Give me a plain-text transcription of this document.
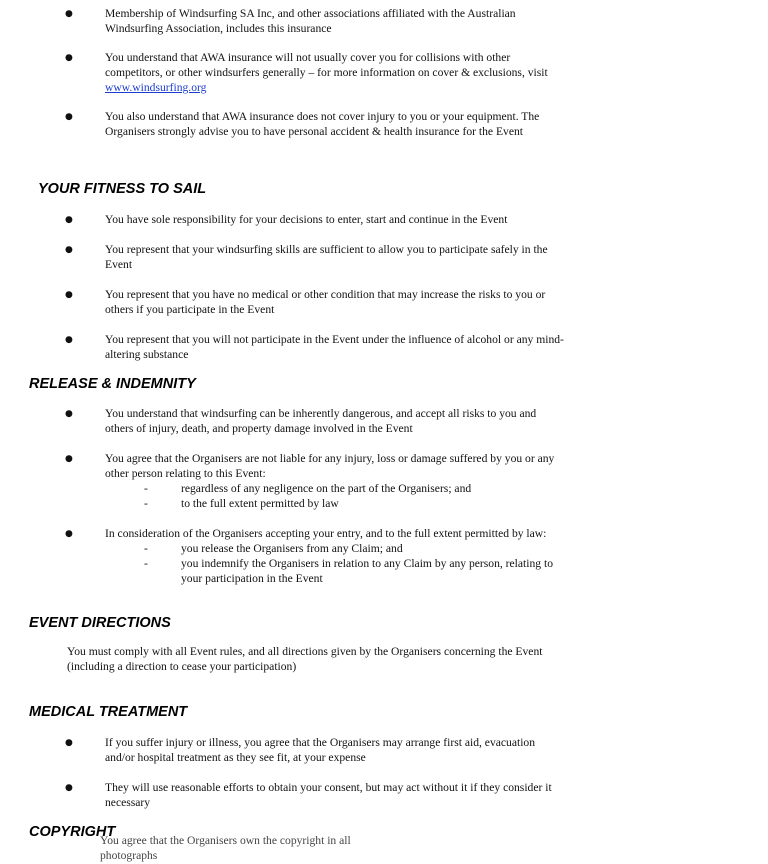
●	Membership of Windsurfing SA Inc, and other associations affiliated with the Australian Windsurfing Association, includes this insurance
●	You understand that AWA insurance will not usually cover you for collisions with other competitors, or other windsurfers generally – for more information on cover & exclusions, visit www.windsurfing.org
●	You also understand that AWA insurance does not cover injury to you or your equipment. The Organisers strongly advise you to have personal accident & health insurance for the Event
YOUR FITNESS TO SAIL
●	You have sole responsibility for your decisions to enter, start and continue in the Event
●	You represent that your windsurfing skills are sufficient to allow you to participate safely in the Event
●	You represent that you have no medical or other condition that may increase the risks to you or others if you participate in the Event
●	You represent that you will not participate in the Event under the influence of alcohol or any mind-altering substance
RELEASE & INDEMNITY
●	You understand that windsurfing can be inherently dangerous, and accept all risks to you and others of injury, death, and property damage involved in the Event
●	You agree that the Organisers are not liable for any injury, loss or damage suffered by you or any other person relating to this Event:
-	regardless of any negligence on the part of the Organisers; and
-	to the full extent permitted by law
●	In consideration of the Organisers accepting your entry, and to the full extent permitted by law:
-	you release the Organisers from any Claim; and
-	you indemnify the Organisers in relation to any Claim by any person, relating to your participation in the Event
EVENT DIRECTIONS
You must comply with all Event rules, and all directions given by the Organisers concerning the Event (including a direction to cease your participation)
MEDICAL TREATMENT
●	If you suffer injury or illness, you agree that the Organisers may arrange first aid, evacuation and/or hospital treatment as they see fit, at your expense
●	They will use reasonable efforts to obtain your consent, but may act without it if they consider it necessary
COPYRIGHT
You agree that the Organisers own the copyright in all photographs
